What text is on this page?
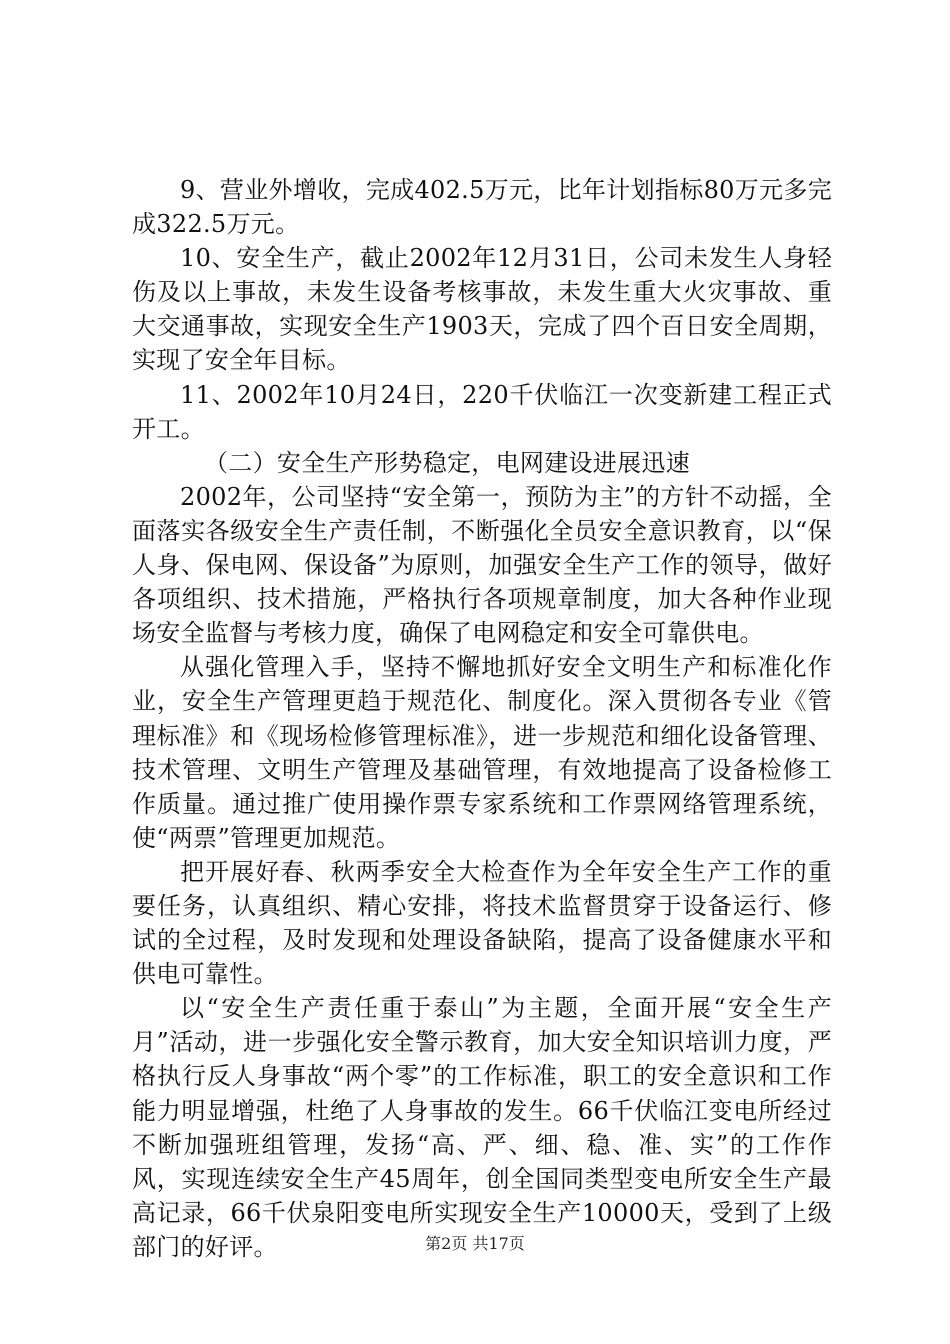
9、营业外增收，完成402.5万元，比年计划指标80万元多完成322.5万元。

10、安全生产，截止2002年12月31日，公司未发生人身轻伤及以上事故，未发生设备考核事故，未发生重大火灾事故、重大交通事故，实现安全生产1903天，完成了四个百日安全周期，实现了安全年目标。

11、2002年10月24日，220千伏临江一次变新建工程正式开工。

（二）安全生产形势稳定，电网建设进展迅速

2002年，公司坚持“安全第一，预防为主”的方针不动摇，全面落实各级安全生产责任制，不断强化全员安全意识教育，以“保人身、保电网、保设备”为原则，加强安全生产工作的领导，做好各项组织、技术措施，严格执行各项规章制度，加大各种作业现场安全监督与考核力度，确保了电网稳定和安全可靠供电。

从强化管理入手，坚持不懈地抓好安全文明生产和标准化作业，安全生产管理更趋于规范化、制度化。深入贯彻各专业《管理标准》和《现场检修管理标准》，进一步规范和细化设备管理、技术管理、文明生产管理及基础管理，有效地提高了设备检修工作质量。通过推广使用操作票专家系统和工作票网络管理系统，使“两票”管理更加规范。

把开展好春、秋两季安全大检查作为全年安全生产工作的重要任务，认真组织、精心安排，将技术监督贯穿于设备运行、修试的全过程，及时发现和处理设备缺陷，提高了设备健康水平和供电可靠性。

以“安全生产责任重于泰山”为主题，全面开展“安全生产月”活动，进一步强化安全警示教育，加大安全知识培训力度，严格执行反人身事故“两个零”的工作标准，职工的安全意识和工作能力明显增强，杜绝了人身事故的发生。66千伏临江变电所经过不断加强班组管理，发扬“高、严、细、稳、准、实”的工作作风，实现连续安全生产45周年，创全国同类型变电所安全生产最高记录，66千伏泉阳变电所实现安全生产10000天，受到了上级部门的好评。	第2页 共17页
